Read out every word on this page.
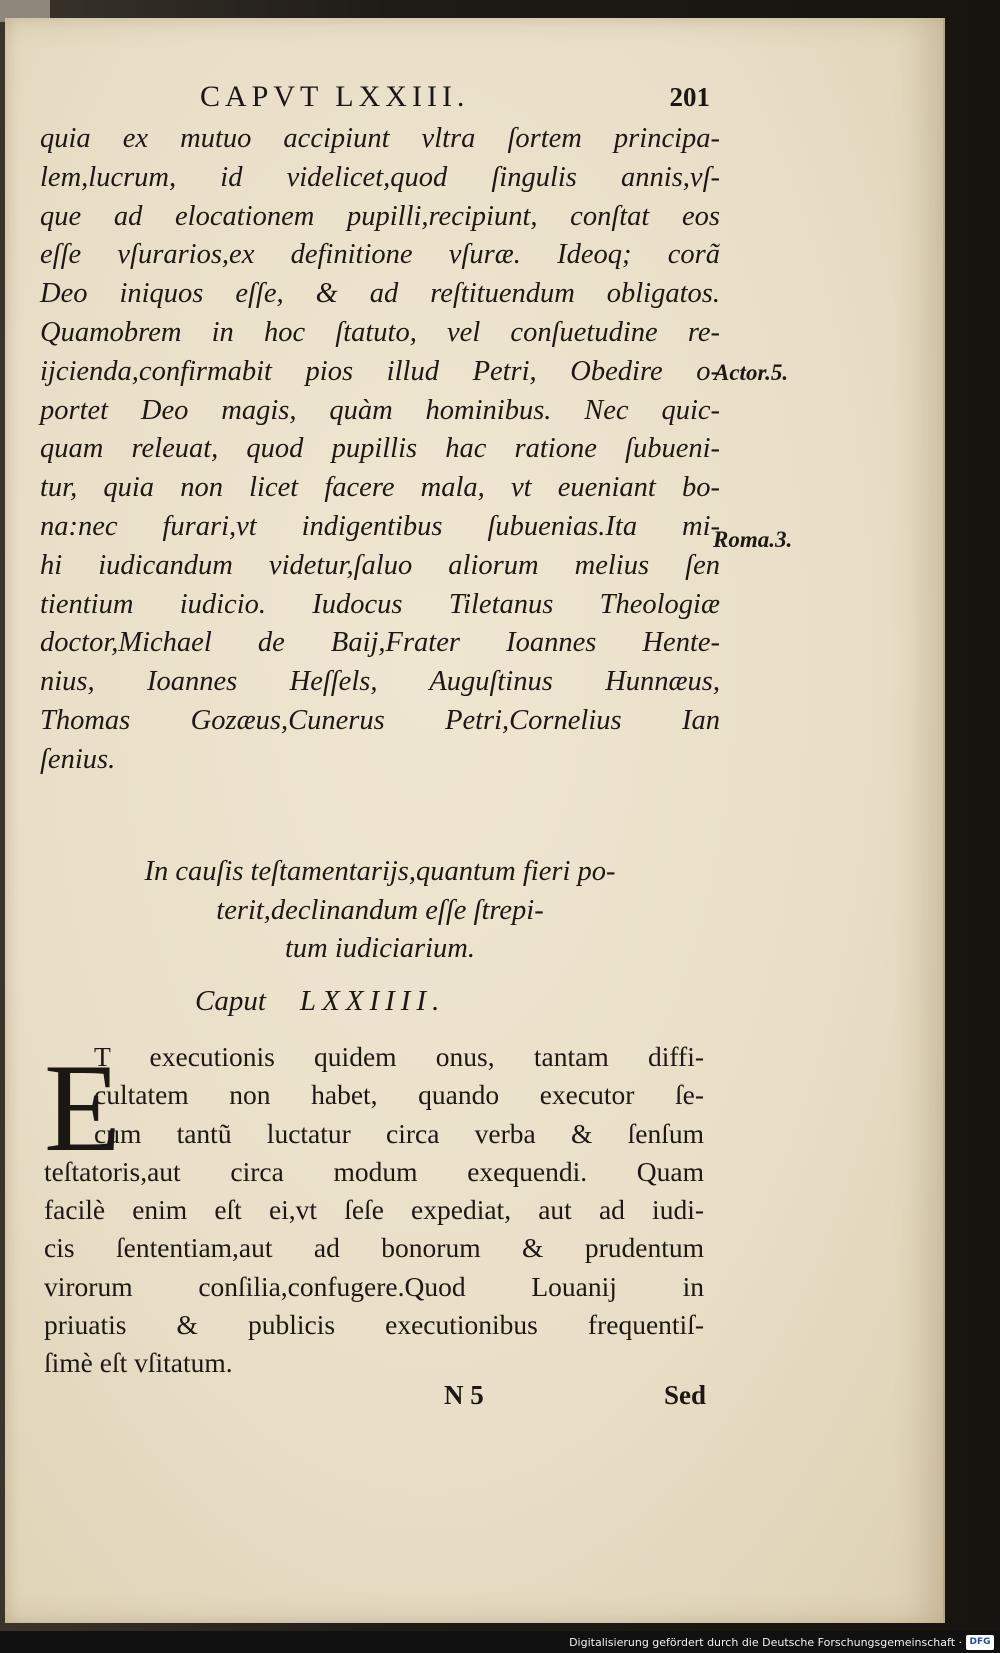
CAPVT LXXIII.	201
quia ex mutuo accipiunt vltra ſortem principa-
lem,lucrum, id videlicet,quod ſingulis annis,vſ-
que ad elocationem pupilli,recipiunt, conſtat eos
eſſe vſurarios,ex definitione vſuræ. Ideoq; corã
Deo iniquos eſſe, & ad reſtituendum obligatos.
Quamobrem in hoc ſtatuto, vel conſuetudine re-
ijcienda,confirmabit pios illud Petri, Obedire o-
portet Deo magis, quàm hominibus. Nec quic-
quam releuat, quod pupillis hac ratione ſubueni-
tur, quia non licet facere mala, vt eueniant bo-
na:nec furari,vt indigentibus ſubuenias.Ita mi-
hi iudicandum videtur,ſaluo aliorum melius ſen
tientium iudicio. Iudocus Tiletanus Theologiæ
doctor,Michael de Baij,Frater Ioannes Hente-
nius, Ioannes Heſſels, Auguſtinus Hunnæus,
Thomas Gozæus,Cunerus Petri,Cornelius Ian
ſenius.
Actor.5.
Roma.3.
In cauſis teſtamentarijs,quantum fieri po-
terit,declinandum eſſe ſtrepi-
tum iudiciarium.
Caput LXXIIII.
E
T executionis quidem onus, tantam diffi-
cultatem non habet, quando executor ſe-
cum tantũ luctatur circa verba & ſenſum
teſtatoris,aut circa modum exequendi. Quam
facilè enim eſt ei,vt ſeſe expediat, aut ad iudi-
cis ſententiam,aut ad bonorum & prudentum
virorum conſilia,confugere.Quod Louanij in
priuatis & publicis executionibus frequentiſ-
ſimè eſt vſitatum.
N 5	Sed
Digitalisierung gefördert durch die Deutsche Forschungsgemeinschaft · DFG
